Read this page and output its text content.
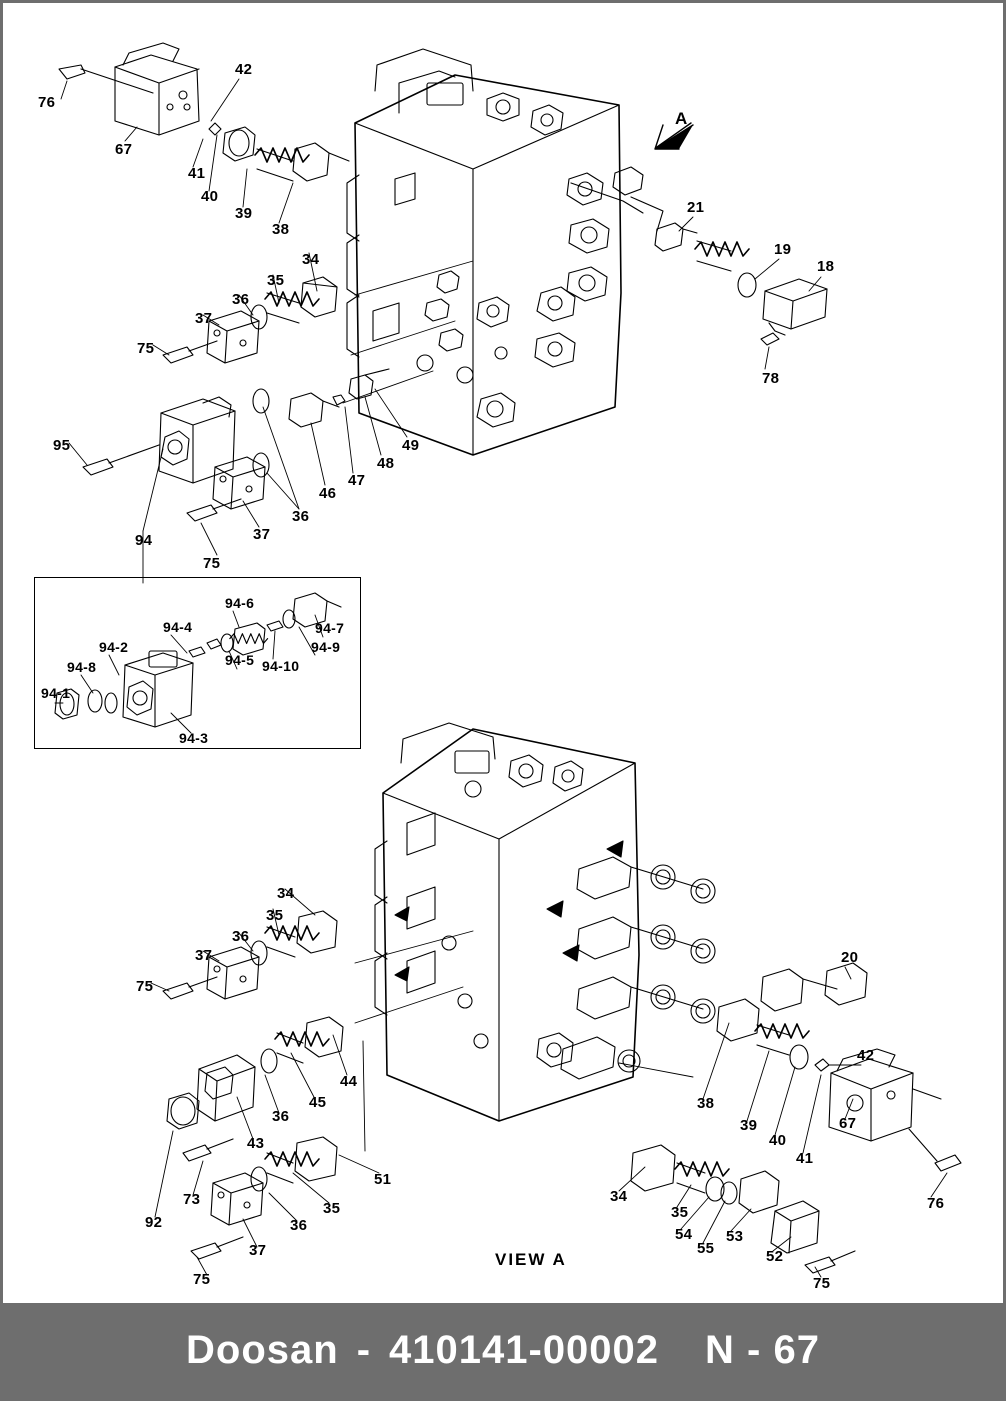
76
67
41
40
39
38
42
34
35
36
37
75
95
94	37
75
36
46
47
48
49
21
19
18
78
A
94-6
94-4
94-2
94-8
94-1
94-5 94-10
94-9
94-7
94-3
34
35
36
37
75
44
45
36
43
73
92
51
35
36
37
75
38
39
40
41
67
42
20
76
34
35
54
55
53
52
75
VIEW A
Doosan - 410141-00002 N - 67
